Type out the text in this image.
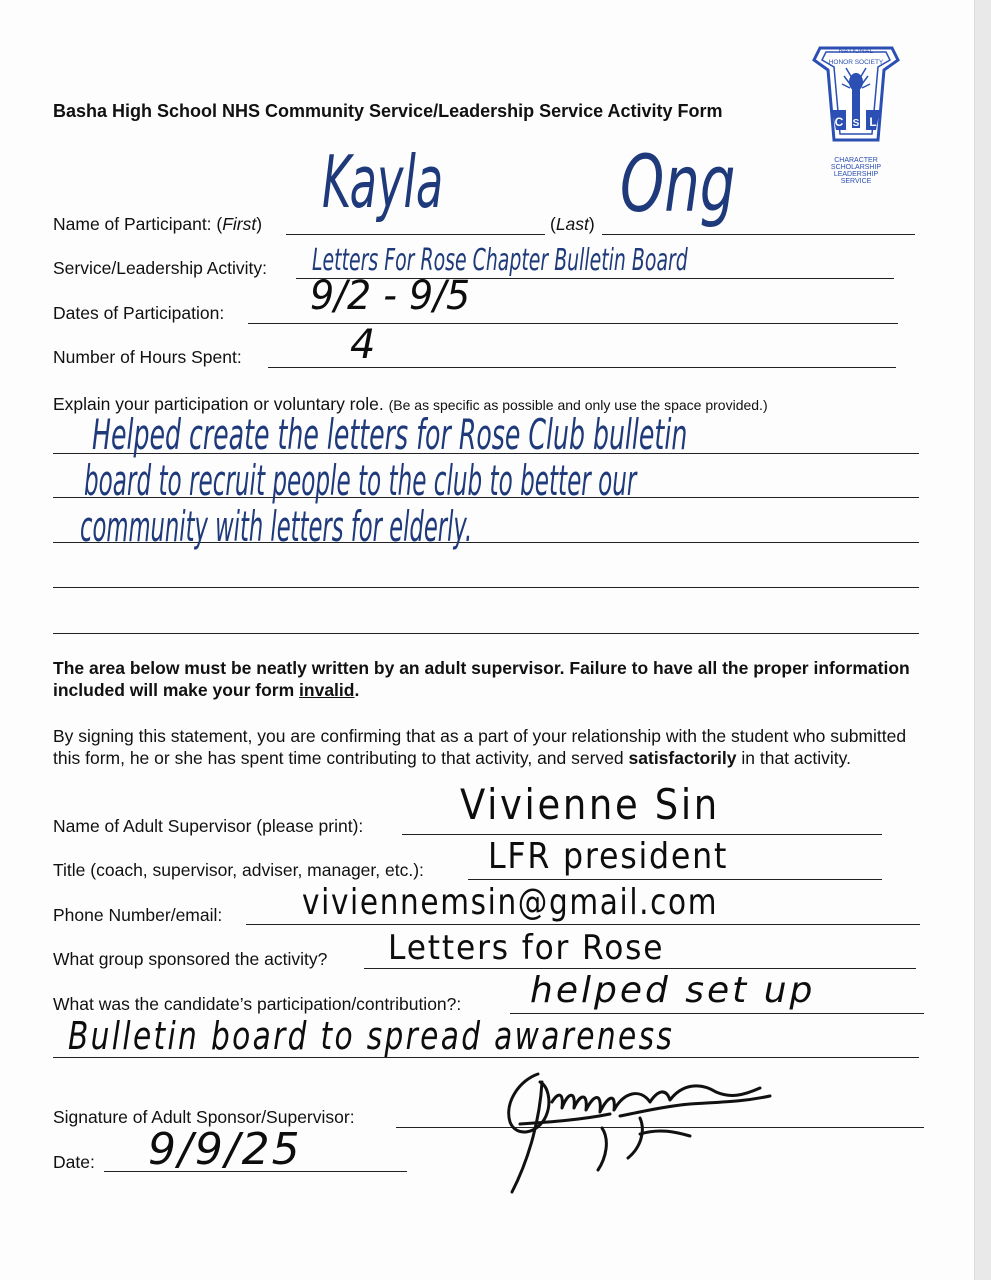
NATIONAL
HONOR SOCIETY
C S L
CHARACTER
SCHOLARSHIP
LEADERSHIP
SERVICE
Basha High School NHS Community Service/Leadership Service Activity Form
Name of Participant: (First) Kayla	(Last) Ong
Service/Leadership Activity: Letters For Rose Chapter Bulletin Board
Dates of Participation: 9/2 - 9/5
Number of Hours Spent:	4
Explain your participation or voluntary role. (Be as specific as possible and only use the space provided.)
Helped create the letters for Rose Club bulletin
board to recruit people to the club to better our
community with letters for elderly.
The area below must be neatly written by an adult supervisor. Failure to have all the proper information included will make your form invalid.
By signing this statement, you are confirming that as a part of your relationship with the student who submitted this form, he or she has spent time contributing to that activity, and served satisfactorily in that activity.
Name of Adult Supervisor (please print): Vivienne Sin
Title (coach, supervisor, adviser, manager, etc.): LFR president
Phone Number/email: viviennemsin@gmail.com
What group sponsored the activity? Letters for Rose
What was the candidate’s participation/contribution?: helped set up
Bulletin board to spread awareness
Signature of Adult Sponsor/Supervisor:
Date: 9/9/25
